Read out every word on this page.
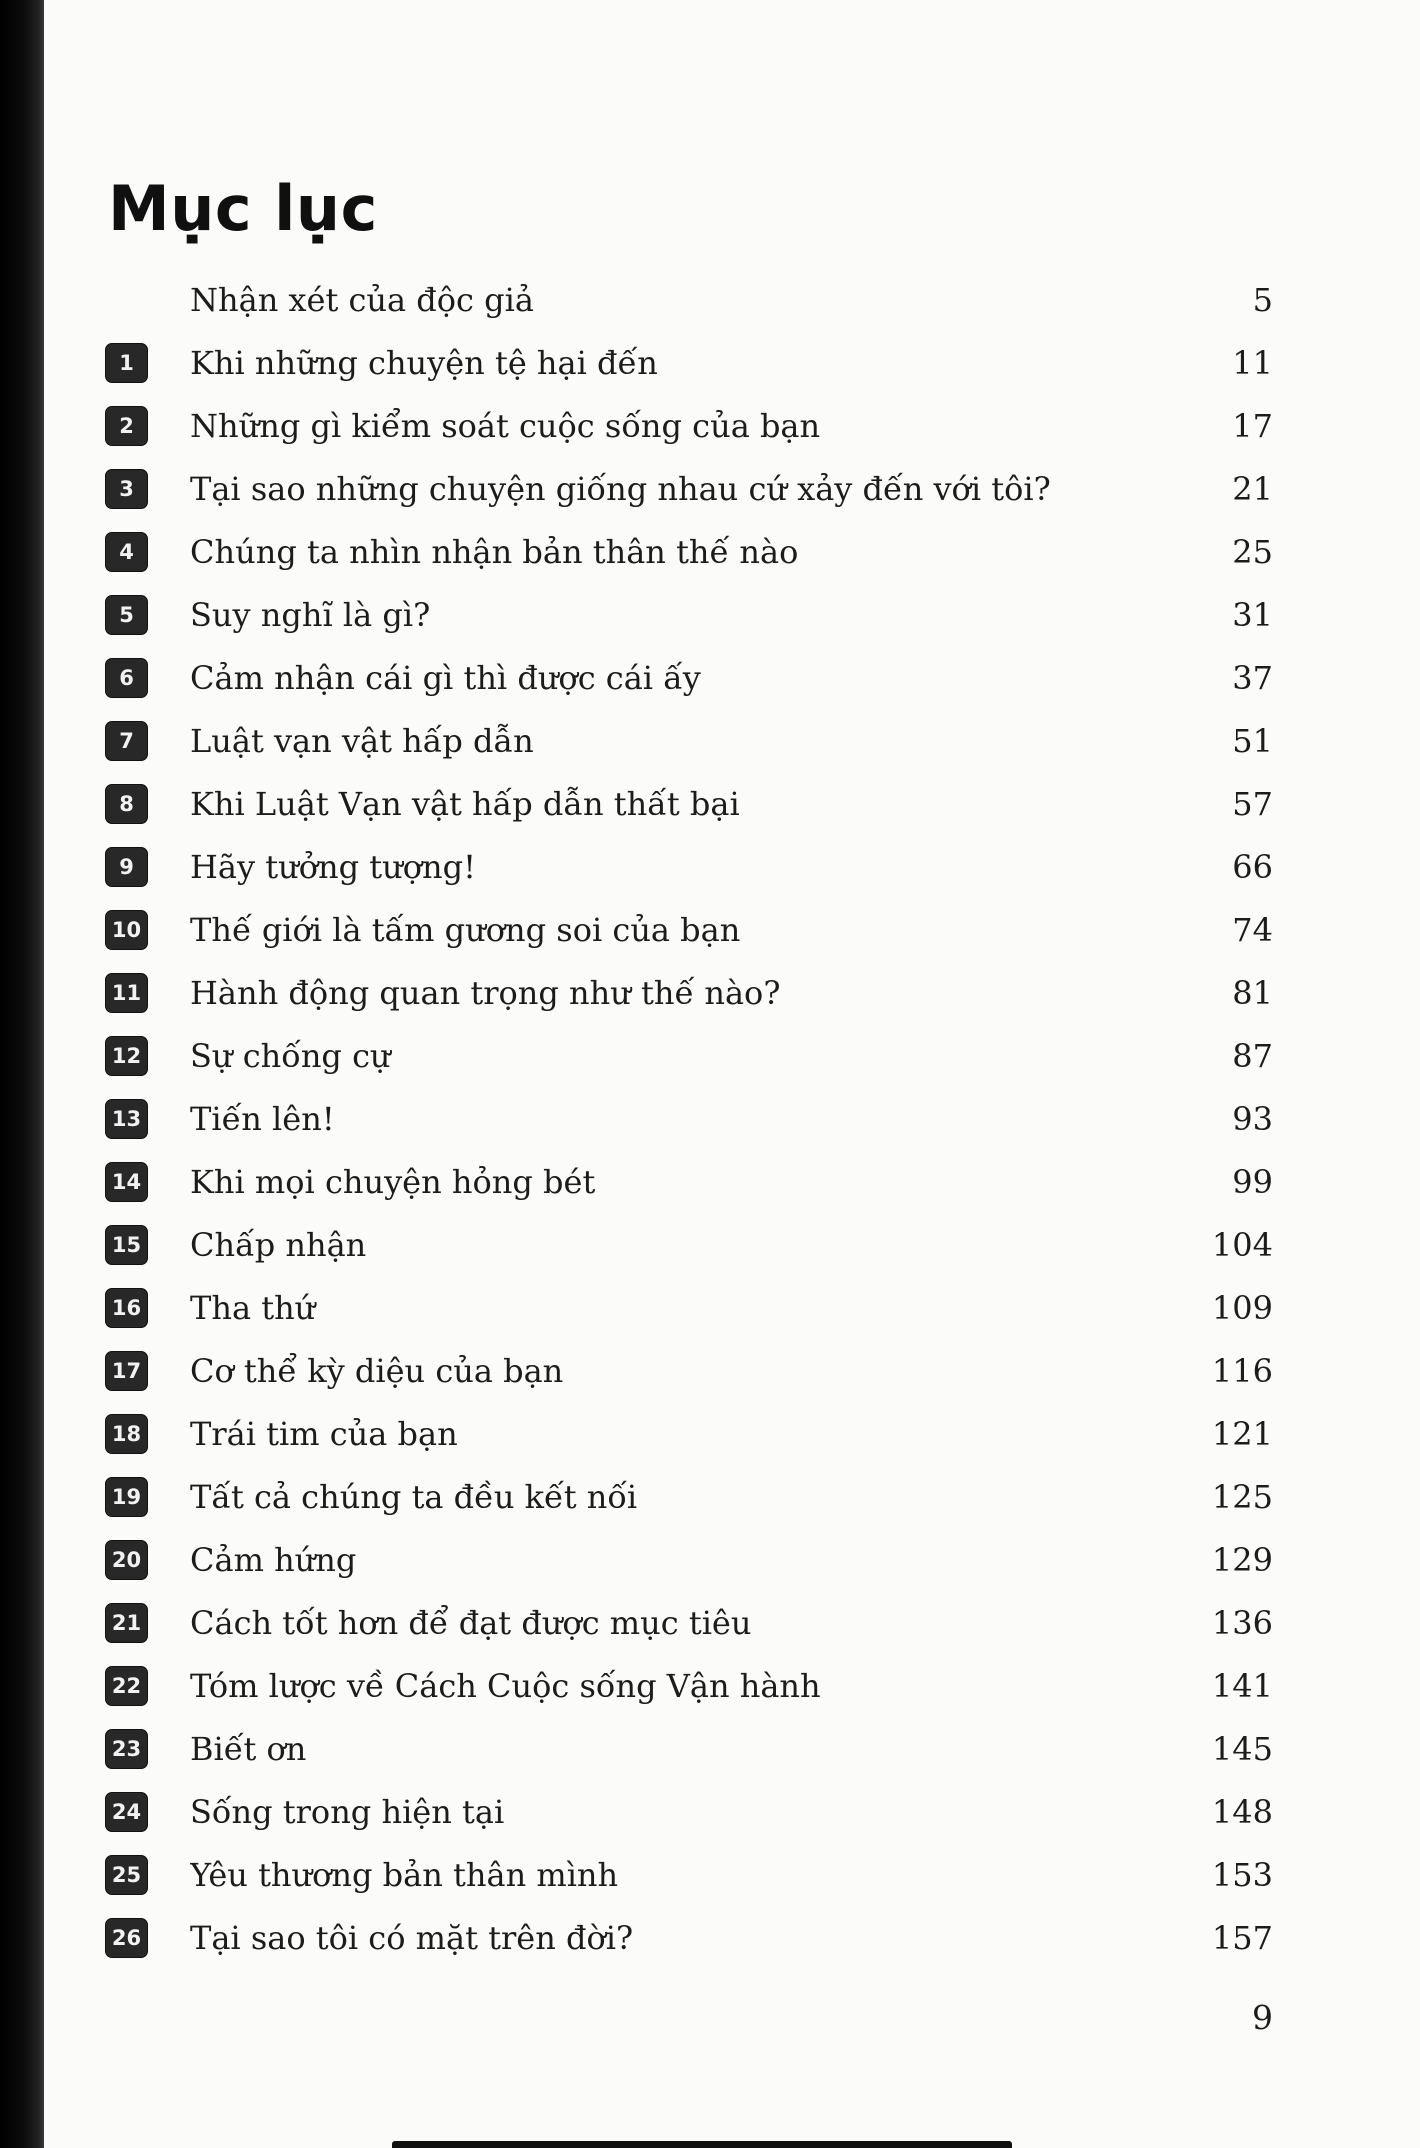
Mục lục
Nhận xét của độc giả	5
1	Khi những chuyện tệ hại đến	11
2	Những gì kiểm soát cuộc sống của bạn	17
3	Tại sao những chuyện giống nhau cứ xảy đến với tôi?	21
4	Chúng ta nhìn nhận bản thân thế nào	25
5	Suy nghĩ là gì?	31
6	Cảm nhận cái gì thì được cái ấy	37
7	Luật vạn vật hấp dẫn	51
8	Khi Luật Vạn vật hấp dẫn thất bại	57
9	Hãy tưởng tượng!	66
10 Thế giới là tấm gương soi của bạn	74
11 Hành động quan trọng như thế nào?	81
12 Sự chống cự	87
13 Tiến lên!	93
14 Khi mọi chuyện hỏng bét	99
15 Chấp nhận	104
16 Tha thứ	109
17 Cơ thể kỳ diệu của bạn	116
18 Trái tim của bạn	121
19 Tất cả chúng ta đều kết nối	125
20 Cảm hứng	129
21 Cách tốt hơn để đạt được mục tiêu	136
22 Tóm lược về Cách Cuộc sống Vận hành	141
23 Biết ơn	145
24 Sống trong hiện tại	148
25 Yêu thương bản thân mình	153
26 Tại sao tôi có mặt trên đời?	157
9
